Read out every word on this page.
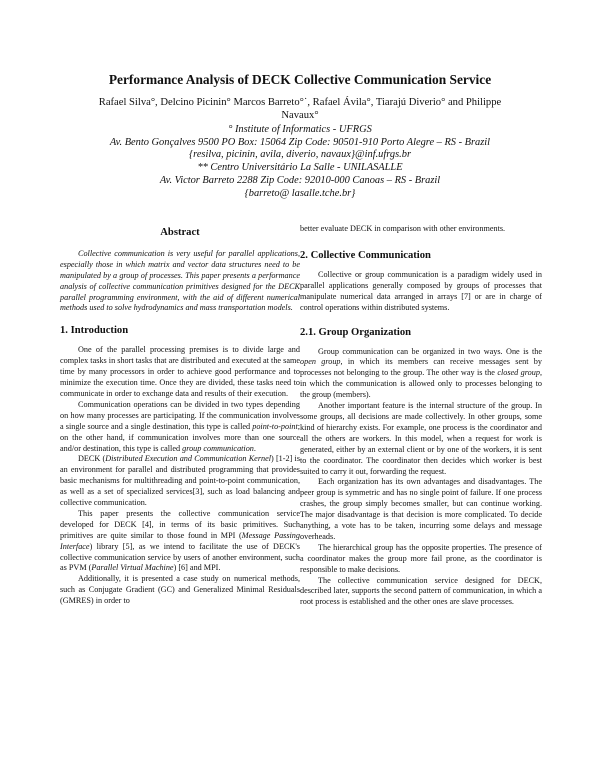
Performance Analysis of DECK Collective Communication Service
Rafael Silva°, Delcino Picinin° Marcos Barreto°˙, Rafael Ávila°, Tiarajú Diverio° and Philippe
Navaux°
° Institute of Informatics - UFRGS
Av. Bento Gonçalves 9500 PO Box: 15064 Zip Code: 90501-910 Porto Alegre – RS - Brazil
{resilva, picinin, avila, diverio, navaux}@inf.ufrgs.br
** Centro Universitário La Salle - UNILASALLE
Av. Victor Barreto 2288 Zip Code: 92010-000 Canoas – RS - Brazil
{barreto@ lasalle.tche.br}
Abstract

Collective communication is very useful for parallel applications, especially those in which matrix and vector data structures need to be manipulated by a group of processes. This paper presents a performance analysis of collective communication primitives designed for the DECK parallel programming environment, with the aid of different numerical methods used to solve hydrodynamics and mass transportation models.

1. Introduction

One of the parallel processing premises is to divide large and complex tasks in short tasks that are distributed and executed at the same time by many processors in order to achieve good performance and to minimize the execution time. Once they are divided, these tasks need to communicate in order to exchange data and results of their execution.

Communication operations can be divided in two types depending on how many processes are participating. If the communication involves a single source and a single destination, this type is called point-to-point; on the other hand, if communication involves more than one source and/or destination, this type is called group communication.

DECK (Distributed Execution and Communication Kernel) [1-2] is an environment for parallel and distributed programming that provides basic mechanisms for multithreading and point-to-point communication, as well as a set of specialized services[3], such as load balancing and collective communication.

This paper presents the collective communication service developed for DECK [4], in terms of its basic primitives. Such primitives are quite similar to those found in MPI (Message Passing Interface) library [5], as we intend to facilitate the use of DECK's collective communication service by users of another environment, such as PVM (Parallel Virtual Machine) [6] and MPI.

Additionally, it is presented a case study on numerical methods, such as Conjugate Gradient (GC) and Generalized Minimal Residuals (GMRES) in order to

better evaluate DECK in comparison with other environments.

2. Collective Communication

Collective or group communication is a paradigm widely used in parallel applications generally composed by groups of processes that manipulate numerical data arranged in arrays [7] or are in charge of control operations within distributed systems.

2.1. Group Organization

Group communication can be organized in two ways. One is the open group, in which its members can receive messages sent by processes not belonging to the group. The other way is the closed group, in which the communication is allowed only to processes belonging to the group (members).

Another important feature is the internal structure of the group. In some groups, all decisions are made collectively. In other groups, some kind of hierarchy exists. For example, one process is the coordinator and all the others are workers. In this model, when a request for work is generated, either by an external client or by one of the workers, it is sent to the coordinator. The coordinator then decides which worker is best suited to carry it out, forwarding the request.

Each organization has its own advantages and disadvantages. The peer group is symmetric and has no single point of failure. If one process crashes, the group simply becomes smaller, but can continue working. The major disadvantage is that decision is more complicated. To decide anything, a vote has to be taken, incurring some delays and message overheads.

The hierarchical group has the opposite properties. The presence of a coordinator makes the group more fail prone, as the coordinator is responsible to make decisions.

The collective communication service designed for DECK, described later, supports the second pattern of communication, in which a root process is established and the other ones are slave processes.
